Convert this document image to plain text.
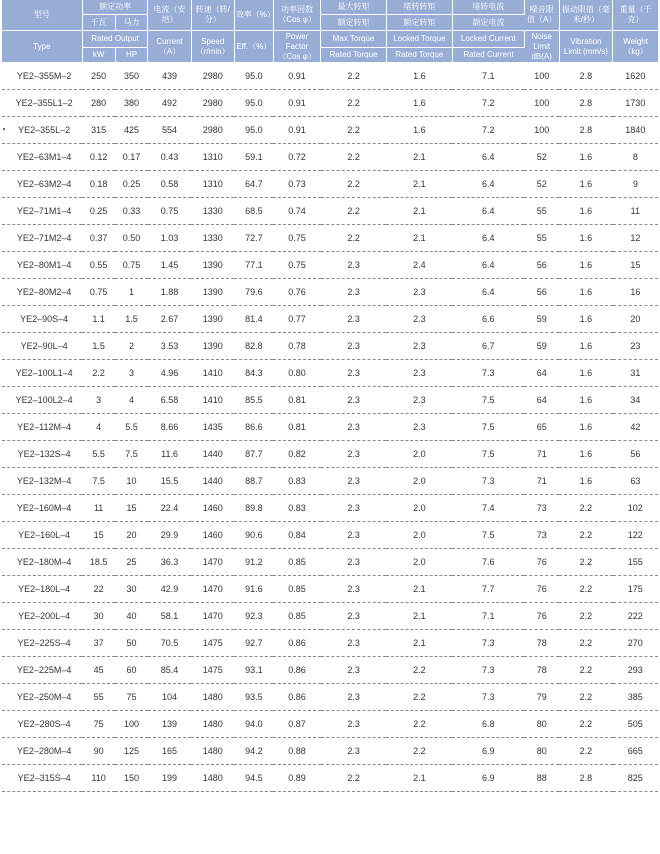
型号	额定功率		电流（安培）	转速（转/分）	效率（%）	功率因数（Cos φ）	最大转矩	堵转转矩	堵转电流	噪音限值（A）	振动限值（毫米/秒）	重量（千克）
	千瓦	马力					额定转矩	额定转矩	额定电流			
Type	Rated Output		Current（A）	Speed（r/min）	Eff.（%）	Power Factor（Cos φ）	Max Torque	Locked Torque	Locked Current	Noise Limit dB(A)	Vibration Limit (mm/s)	Weight（kg）
	kW	HP					Rated Torque	Rated Torque	Rated Current			
YE2–355M–2	250	350	439	2980	95.0	0.91	2.2	1.6	7.1	100	2.8	1620
YE2–355L1–2	280	380	492	2980	95.0	0.91	2.2	1.6	7.2	100	2.8	1730
YE2–355L–2	315	425	554	2980	95.0	0.91	2.2	1.6	7.2	100	2.8	1840
YE2–63M1–4	0.12	0.17	0.43	1310	59.1	0.72	2.2	2.1	6.4	52	1.6	8
YE2–63M2–4	0.18	0.25	0.58	1310	64.7	0.73	2.2	2.1	6.4	52	1.6	9
YE2–71M1–4	0.25	0.33	0.75	1330	68.5	0.74	2.2	2.1	6.4	55	1.6	11
YE2–71M2–4	0.37	0.50	1.03	1330	72.7	0.75	2.2	2.1	6.4	55	1.6	12
YE2–80M1–4	0.55	0.75	1.45	1390	77.1	0.75	2.3	2.4	6.4	56	1.6	15
YE2–80M2–4	0.75	1	1.88	1390	79.6	0.76	2.3	2.3	6.4	56	1.6	16
YE2–90S–4	1.1	1.5	2.67	1390	81.4	0.77	2.3	2.3	6.6	59	1.6	20
YE2–90L–4	1.5	2	3.53	1390	82.8	0.78	2.3	2.3	6.7	59	1.6	23
YE2–100L1–4	2.2	3	4.96	1410	84.3	0.80	2.3	2.3	7.3	64	1.6	31
YE2–100L2–4	3	4	6.58	1410	85.5	0.81	2.3	2.3	7.5	64	1.6	34
YE2–112M–4	4	5.5	8.66	1435	86.6	0.81	2.3	2.3	7.5	65	1.6	42
YE2–132S–4	5.5	7.5	11.6	1440	87.7	0.82	2.3	2.0	7.5	71	1.6	56
YE2–132M–4	7.5	10	15.5	1440	88.7	0.83	2.3	2.0	7.3	71	1.6	63
YE2–160M–4	11	15	22.4	1460	89.8	0.83	2.3	2.0	7.4	73	2.2	102
YE2–160L–4	15	20	29.9	1460	90.6	0.84	2.3	2.0	7.5	73	2.2	122
YE2–180M–4	18.5	25	36.3	1470	91.2	0.85	2.3	2.0	7.6	76	2.2	155
YE2–180L–4	22	30	42.9	1470	91.6	0.85	2.3	2.1	7.7	76	2.2	175
YE2–200L–4	30	40	58.1	1470	92.3	0.85	2.3	2.1	7.1	76	2.2	222
YE2–225S–4	37	50	70.5	1475	92.7	0.86	2.3	2.1	7.3	78	2.2	270
YE2–225M–4	45	60	85.4	1475	93.1	0.86	2.3	2.2	7.3	78	2.2	293
YE2–250M–4	55	75	104	1480	93.5	0.86	2.3	2.2	7.3	79	2.2	385
YE2–280S–4	75	100	139	1480	94.0	0.87	2.3	2.2	6.8	80	2.2	505
YE2–280M–4	90	125	165	1480	94.2	0.88	2.3	2.2	6.9	80	2.2	665
YE2–315S–4	110	150	199	1480	94.5	0.89	2.2	2.1	6.9	88	2.8	825
